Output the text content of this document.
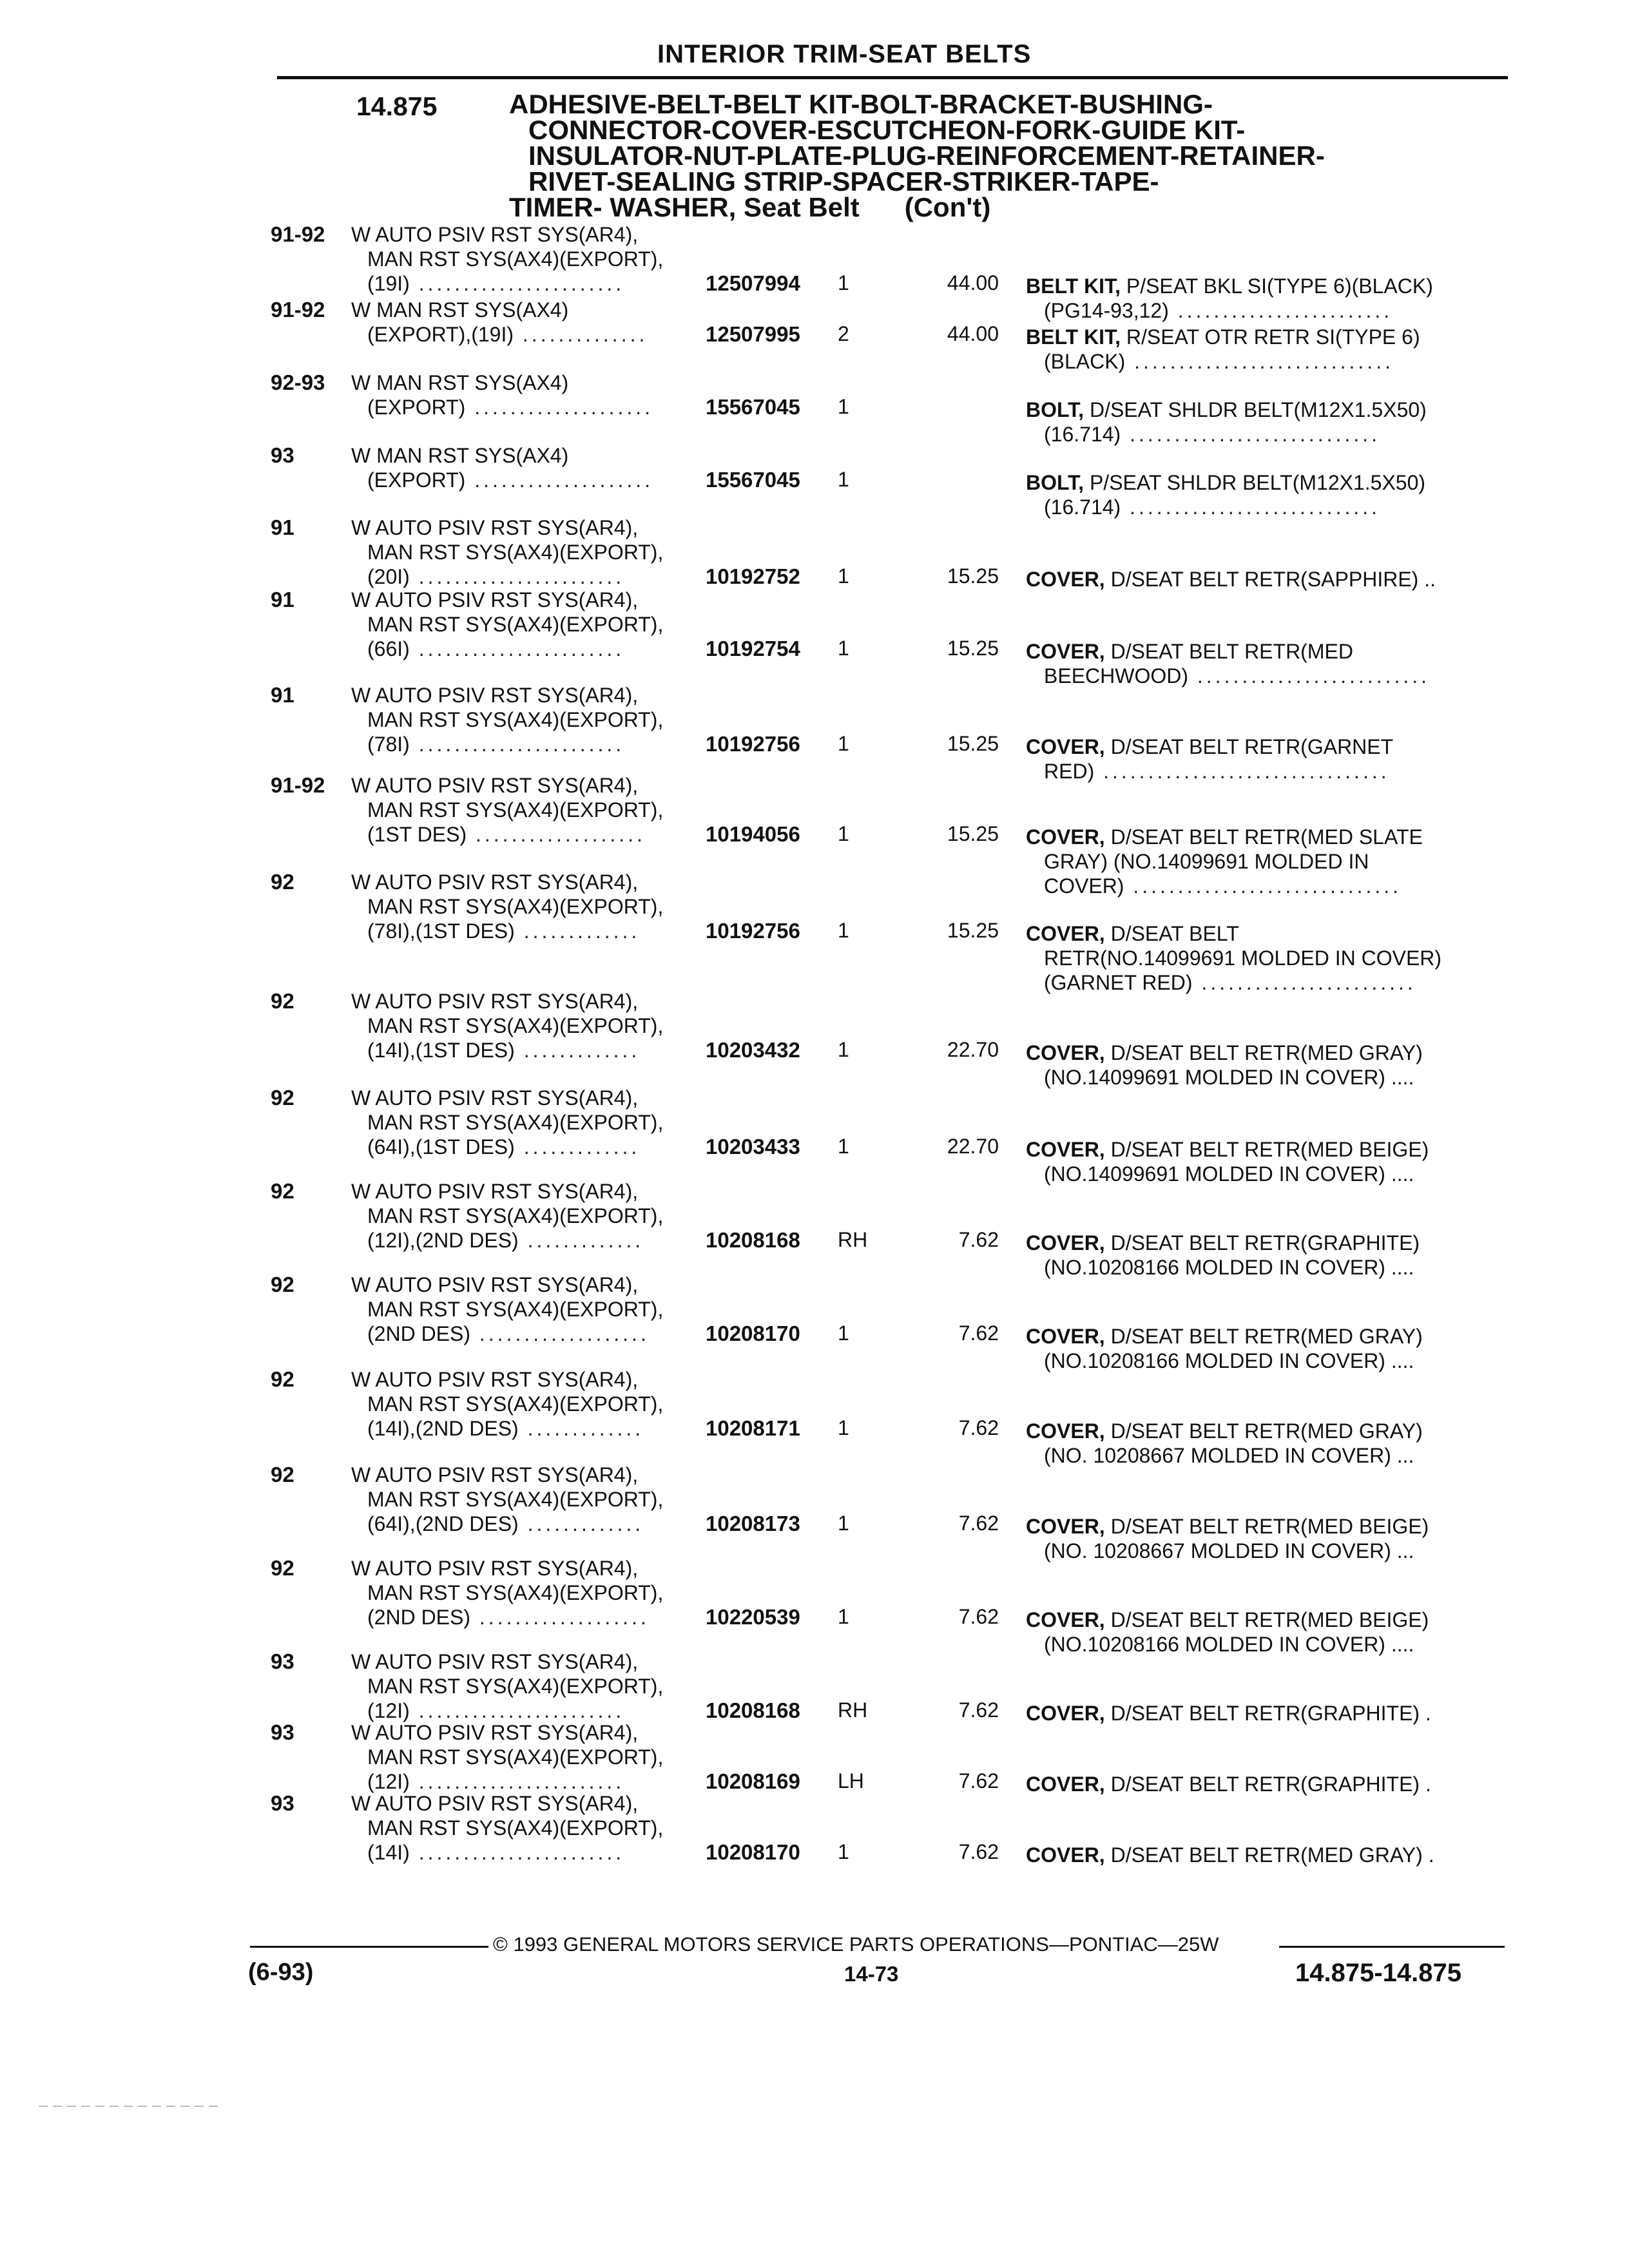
INTERIOR TRIM-SEAT BELTS
14.875	ADHESIVE-BELT-BELT KIT-BOLT-BRACKET-BUSHING-
CONNECTOR-COVER-ESCUTCHEON-FORK-GUIDE KIT-
INSULATOR-NUT-PLATE-PLUG-REINFORCEMENT-RETAINER-
RIVET-SEALING STRIP-SPACER-STRIKER-TAPE-
TIMER- WASHER, Seat Belt (Con't)
91-92	W AUTO PSIV RST SYS(AR4),
MAN RST SYS(AX4)(EXPORT),
(19I) .......................	12507994 1	44.00 BELT KIT, P/SEAT BKL SI(TYPE 6)(BLACK)
(PG14-93,12) ........................
91-92	W MAN RST SYS(AX4)
(EXPORT),(19I) ..............	12507995 2	44.00 BELT KIT, R/SEAT OTR RETR SI(TYPE 6)
(BLACK) .............................
92-93	W MAN RST SYS(AX4)
(EXPORT) ....................	15567045 1	BOLT, D/SEAT SHLDR BELT(M12X1.5X50)
(16.714) ............................
93	W MAN RST SYS(AX4)
(EXPORT) ....................	15567045 1	BOLT, P/SEAT SHLDR BELT(M12X1.5X50)
(16.714) ............................
91	W AUTO PSIV RST SYS(AR4),
MAN RST SYS(AX4)(EXPORT),
(20I) .......................	10192752 1	15.25 COVER, D/SEAT BELT RETR(SAPPHIRE) ..
91	W AUTO PSIV RST SYS(AR4),
MAN RST SYS(AX4)(EXPORT),
(66I) .......................	10192754 1	15.25 COVER, D/SEAT BELT RETR(MED
BEECHWOOD) ..........................
91	W AUTO PSIV RST SYS(AR4),
MAN RST SYS(AX4)(EXPORT),
(78I) .......................	10192756 1	15.25 COVER, D/SEAT BELT RETR(GARNET
RED) ................................
91-92	W AUTO PSIV RST SYS(AR4),
MAN RST SYS(AX4)(EXPORT),
(1ST DES) ...................	10194056 1	15.25 COVER, D/SEAT BELT RETR(MED SLATE
GRAY) (NO.14099691 MOLDED IN
COVER) ..............................
92	W AUTO PSIV RST SYS(AR4),
MAN RST SYS(AX4)(EXPORT),
(78I),(1ST DES) .............	10192756 1	15.25 COVER, D/SEAT BELT
RETR(NO.14099691 MOLDED IN COVER)
(GARNET RED) ........................
92	W AUTO PSIV RST SYS(AR4),
MAN RST SYS(AX4)(EXPORT),
(14I),(1ST DES) .............	10203432 1	22.70 COVER, D/SEAT BELT RETR(MED GRAY)
(NO.14099691 MOLDED IN COVER) ....
92	W AUTO PSIV RST SYS(AR4),
MAN RST SYS(AX4)(EXPORT),
(64I),(1ST DES) .............	10203433 1	22.70 COVER, D/SEAT BELT RETR(MED BEIGE)
(NO.14099691 MOLDED IN COVER) ....
92	W AUTO PSIV RST SYS(AR4),
MAN RST SYS(AX4)(EXPORT),
(12I),(2ND DES) .............	10208168 RH	7.62 COVER, D/SEAT BELT RETR(GRAPHITE)
(NO.10208166 MOLDED IN COVER) ....
92	W AUTO PSIV RST SYS(AR4),
MAN RST SYS(AX4)(EXPORT),
(2ND DES) ...................	10208170 1	7.62 COVER, D/SEAT BELT RETR(MED GRAY)
(NO.10208166 MOLDED IN COVER) ....
92	W AUTO PSIV RST SYS(AR4),
MAN RST SYS(AX4)(EXPORT),
(14I),(2ND DES) .............	10208171 1	7.62 COVER, D/SEAT BELT RETR(MED GRAY)
(NO. 10208667 MOLDED IN COVER) ...
92	W AUTO PSIV RST SYS(AR4),
MAN RST SYS(AX4)(EXPORT),
(64I),(2ND DES) .............	10208173 1	7.62 COVER, D/SEAT BELT RETR(MED BEIGE)
(NO. 10208667 MOLDED IN COVER) ...
92	W AUTO PSIV RST SYS(AR4),
MAN RST SYS(AX4)(EXPORT),
(2ND DES) ...................	10220539 1	7.62 COVER, D/SEAT BELT RETR(MED BEIGE)
(NO.10208166 MOLDED IN COVER) ....
93	W AUTO PSIV RST SYS(AR4),
MAN RST SYS(AX4)(EXPORT),
(12I) .......................	10208168 RH	7.62 COVER, D/SEAT BELT RETR(GRAPHITE) .
93	W AUTO PSIV RST SYS(AR4),
MAN RST SYS(AX4)(EXPORT),
(12I) .......................	10208169 LH	7.62 COVER, D/SEAT BELT RETR(GRAPHITE) .
93	W AUTO PSIV RST SYS(AR4),
MAN RST SYS(AX4)(EXPORT),
(14I) .......................	10208170 1	7.62 COVER, D/SEAT BELT RETR(MED GRAY) .
© 1993 GENERAL MOTORS SERVICE PARTS OPERATIONS—PONTIAC—25W
(6-93)	14-73	14.875-14.875
